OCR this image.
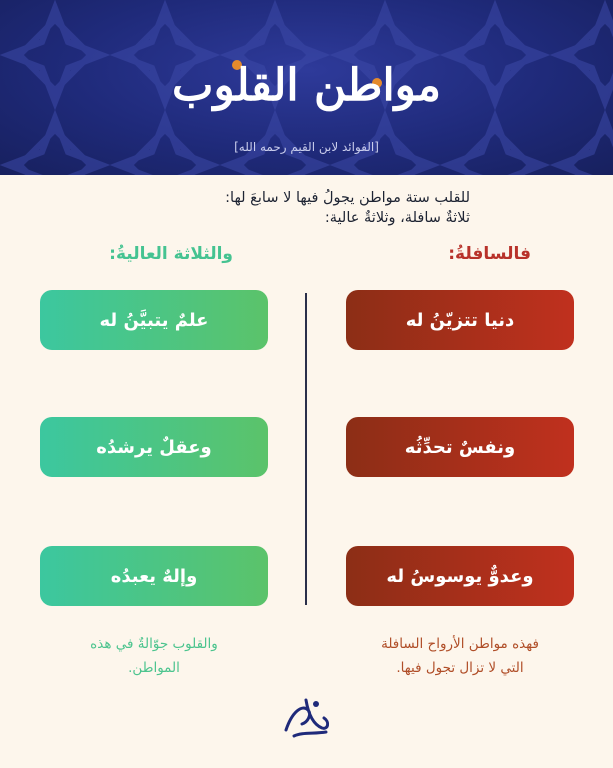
مواطن القلوب
[الفوائد لابن القيم رحمه الله]
للقلب ستة مواطن يجولُ فيها لا سابعَ لها:
ثلاثةٌ سافلة، وثلاثةٌ عالية:
فالسافلةُ:
والثلاثة العاليةُ:
دنيا تتزيّنُ له
ونفسٌ تحدِّثُه
وعدوٌّ يوسوسُ له
علمٌ يتبيَّنُ له
وعقلٌ يرشدُه
وإلهٌ يعبدُه
فهذه مواطن الأرواح السافلة
التي لا تزال تجول فيها.
والقلوب جوّالةٌ في هذه
المواطن.
